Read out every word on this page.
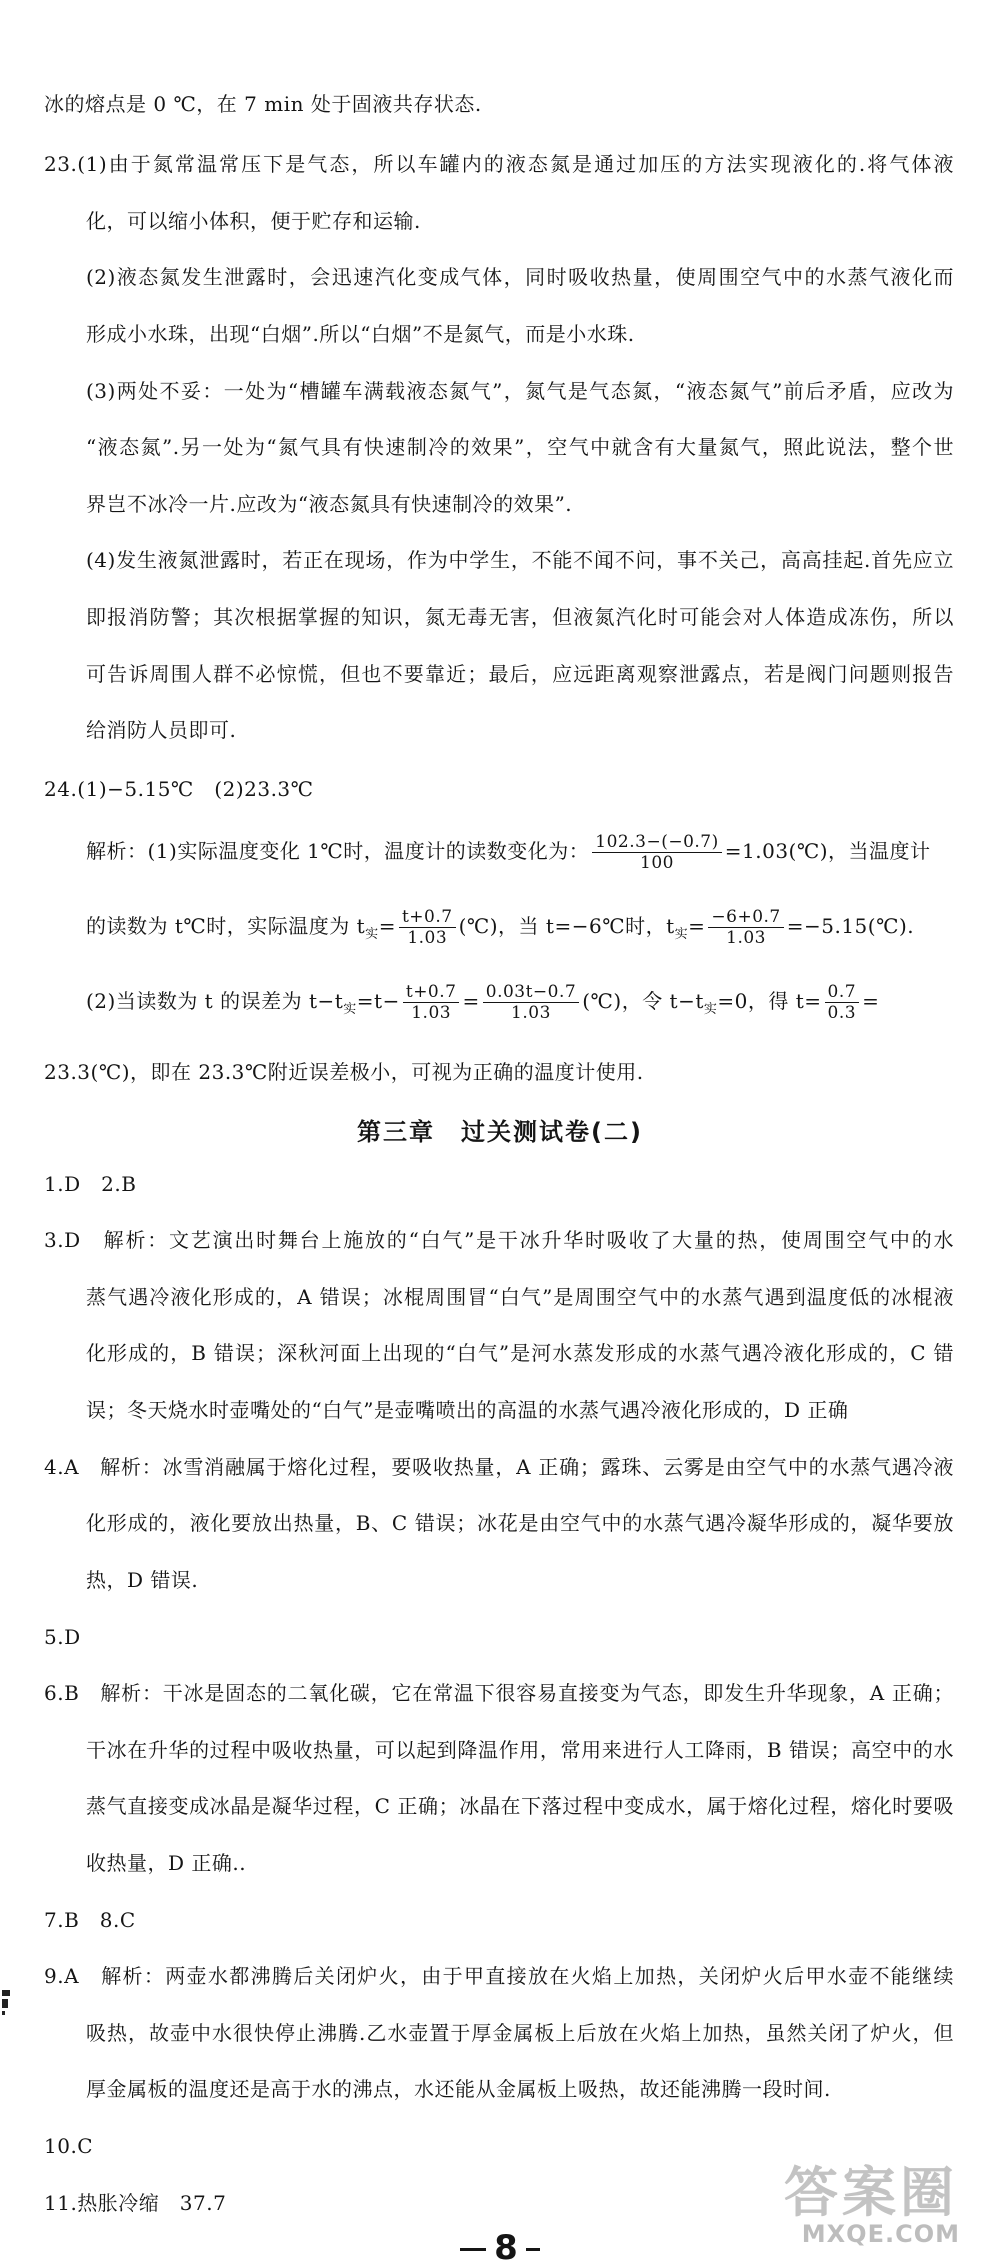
冰的熔点是 0 ℃，在 7 min 处于固液共存状态.
23.(1)由于氮常温常压下是气态，所以车罐内的液态氮是通过加压的方法实现液化的.将气体液
化，可以缩小体积，便于贮存和运输.
(2)液态氮发生泄露时，会迅速汽化变成气体，同时吸收热量，使周围空气中的水蒸气液化而
形成小水珠，出现“白烟”.所以“白烟”不是氮气，而是小水珠.
(3)两处不妥：一处为“槽罐车满载液态氮气”，氮气是气态氮，“液态氮气”前后矛盾，应改为
“液态氮”.另一处为“氮气具有快速制冷的效果”，空气中就含有大量氮气，照此说法，整个世
界岂不冰冷一片.应改为“液态氮具有快速制冷的效果”.
(4)发生液氮泄露时，若正在现场，作为中学生，不能不闻不问，事不关己，高高挂起.首先应立
即报消防警；其次根据掌握的知识，氮无毒无害，但液氮汽化时可能会对人体造成冻伤，所以
可告诉周围人群不必惊慌，但也不要靠近；最后，应远距离观察泄露点，若是阀门问题则报告
给消防人员即可.
24.(1)−5.15℃　(2)23.3℃
解析：(1)实际温度变化 1℃时，温度计的读数变化为： $\frac{102.3-(-0.7)}{100}$ =1.03(℃)，当温度计
的读数为 t℃时，实际温度为 $t_实= \frac{t+0.7}{1.03}$ (℃)，当 t=−6℃时，$t_实= \frac{-6+0.7}{1.03}$ =−5.15(℃).
(2)当读数为 t 的误差为 $t-t_实=t- \frac{t+0.7}{1.03} = \frac{0.03t-0.7}{1.03}$ (℃)，令 $t-t_实=0$，得 $t= \frac{0.7}{0.3}$ =
23.3(℃)，即在 23.3℃附近误差极小，可视为正确的温度计使用.
第三章　过关测试卷(二)
1.D　2.B
3.D　解析：文艺演出时舞台上施放的“白气”是干冰升华时吸收了大量的热，使周围空气中的水
蒸气遇冷液化形成的，A 错误；冰棍周围冒“白气”是周围空气中的水蒸气遇到温度低的冰棍液
化形成的，B 错误；深秋河面上出现的“白气”是河水蒸发形成的水蒸气遇冷液化形成的，C 错
误；冬天烧水时壶嘴处的“白气”是壶嘴喷出的高温的水蒸气遇冷液化形成的，D 正确
4.A　解析：冰雪消融属于熔化过程，要吸收热量，A 正确；露珠、云雾是由空气中的水蒸气遇冷液
化形成的，液化要放出热量，B、C 错误；冰花是由空气中的水蒸气遇冷凝华形成的，凝华要放
热，D 错误.
5.D
6.B　解析：干冰是固态的二氧化碳，它在常温下很容易直接变为气态，即发生升华现象，A 正确；
干冰在升华的过程中吸收热量，可以起到降温作用，常用来进行人工降雨，B 错误；高空中的水
蒸气直接变成冰晶是凝华过程，C 正确；冰晶在下落过程中变成水，属于熔化过程，熔化时要吸
收热量，D 正确..
7.B　8.C
9.A　解析：两壶水都沸腾后关闭炉火，由于甲直接放在火焰上加热，关闭炉火后甲水壶不能继续
吸热，故壶中水很快停止沸腾.乙水壶置于厚金属板上后放在火焰上加热，虽然关闭了炉火，但
厚金属板的温度还是高于水的沸点，水还能从金属板上吸热，故还能沸腾一段时间.
10.C
11.热胀冷缩　37.7
8
答案圈
MXQE.COM
